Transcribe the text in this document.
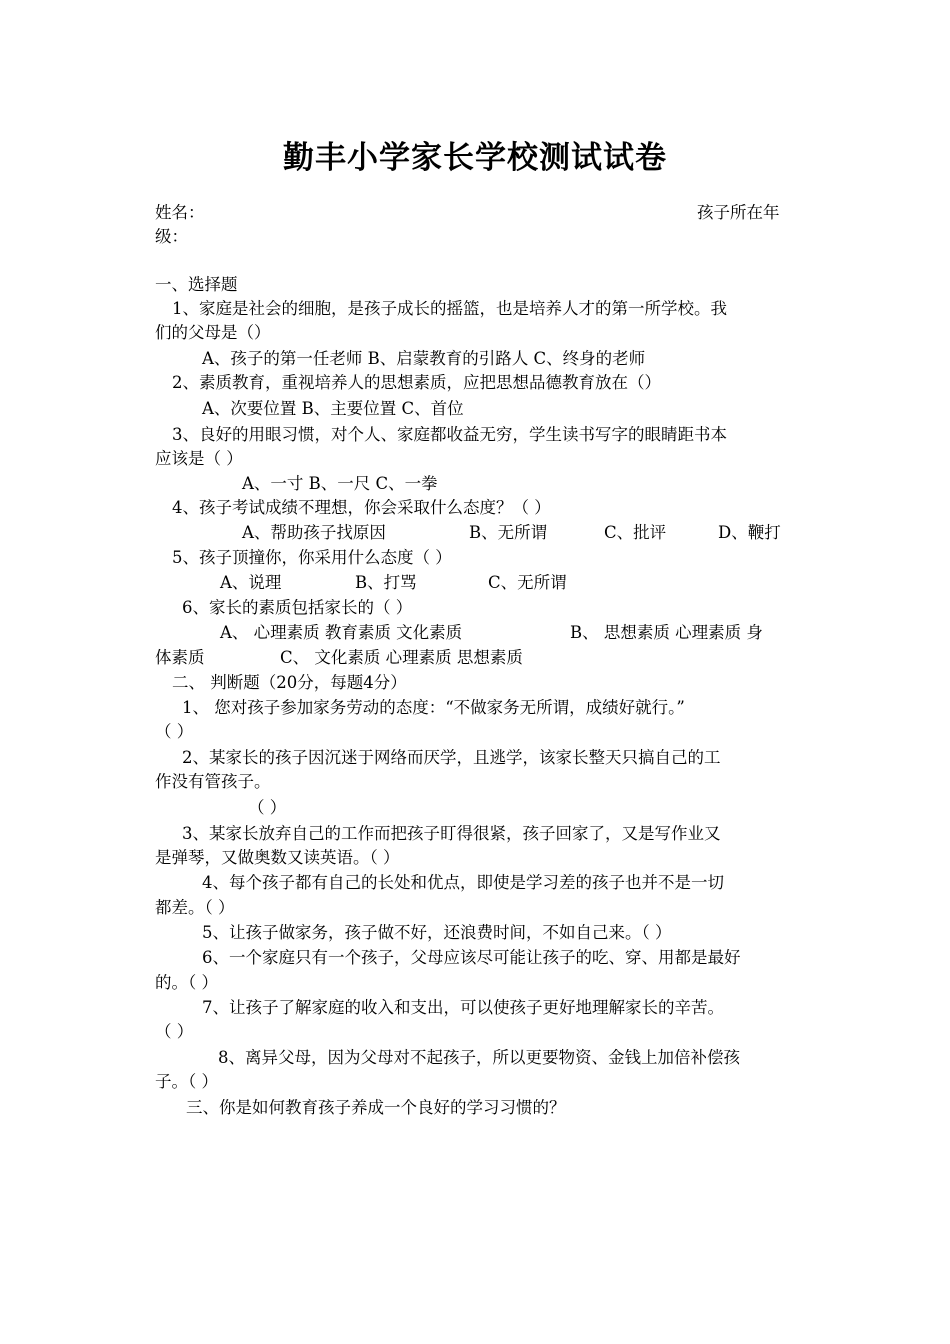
勤丰小学家长学校测试试卷
姓名：	孩子所在年
级：
一、选择题
1、家庭是社会的细胞，是孩子成长的摇篮，也是培养人才的第一所学校。我
们的父母是（）
A、孩子的第一任老师 B、启蒙教育的引路人 C、终身的老师
2、素质教育，重视培养人的思想素质，应把思想品德教育放在（）
A、次要位置 B、主要位置 C、首位
3、良好的用眼习惯，对个人、家庭都收益无穷，学生读书写字的眼睛距书本
应该是（ ）
A、一寸 B、一尺 C、一拳
4、孩子考试成绩不理想，你会采取什么态度？（ ）
A、帮助孩子找原因	B、无所谓	C、批评	D、鞭打
5、孩子顶撞你，你采用什么态度（ ）
A、说理	B、打骂	C、无所谓
6、家长的素质包括家长的（ ）
A、 心理素质 教育素质 文化素质	B、 思想素质 心理素质 身
体素质	C、 文化素质 心理素质 思想素质
二、 判断题（20分，每题4分）
1、 您对孩子参加家务劳动的态度：“不做家务无所谓，成绩好就行。”
（ ）
2、某家长的孩子因沉迷于网络而厌学，且逃学，该家长整天只搞自己的工
作没有管孩子。
（ ）
3、某家长放弃自己的工作而把孩子盯得很紧，孩子回家了，又是写作业又
是弹琴，又做奥数又读英语。（ ）
4、每个孩子都有自己的长处和优点，即使是学习差的孩子也并不是一切
都差。（ ）
5、让孩子做家务，孩子做不好，还浪费时间，不如自己来。（ ）
6、一个家庭只有一个孩子，父母应该尽可能让孩子的吃、穿、用都是最好
的。（ ）
7、让孩子了解家庭的收入和支出，可以使孩子更好地理解家长的辛苦。
（ ）
8、离异父母，因为父母对不起孩子，所以更要物资、金钱上加倍补偿孩
子。（ ）
三、你是如何教育孩子养成一个良好的学习习惯的？
